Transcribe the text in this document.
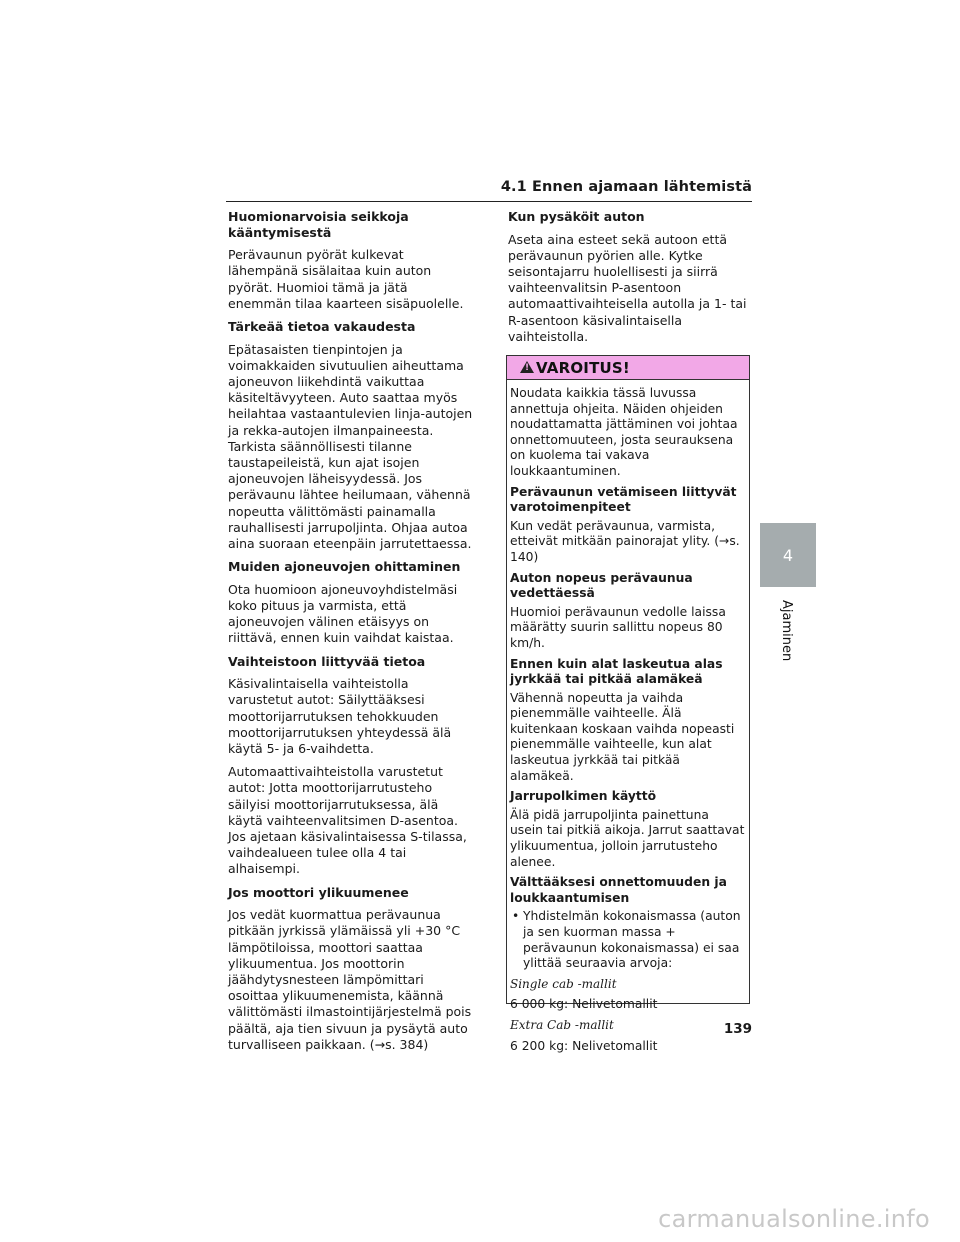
4.1 Ennen ajamaan lähtemistä
Huomionarvoisia seikkoja kääntymisestä

Perävaunun pyörät kulkevat lähempänä sisälaitaa kuin auton pyörät. Huomioi tämä ja jätä enemmän tilaa kaarteen sisäpuolelle.

Tärkeää tietoa vakaudesta

Epätasaisten tienpintojen ja voimakkaiden sivutuulien aiheuttama ajoneuvon liikehdintä vaikuttaa käsiteltävyyteen. Auto saattaa myös heilahtaa vastaantulevien linja-autojen ja rekka-autojen ilmanpaineesta. Tarkista säännöllisesti tilanne taustapeileistä, kun ajat isojen ajoneuvojen läheisyydessä. Jos perävaunu lähtee heilumaan, vähennä nopeutta välittömästi painamalla rauhallisesti jarrupoljinta. Ohjaa autoa aina suoraan eteenpäin jarrutettaessa.

Muiden ajoneuvojen ohittaminen

Ota huomioon ajoneuvoyhdistelmäsi koko pituus ja varmista, että ajoneuvojen välinen etäisyys on riittävä, ennen kuin vaihdat kaistaa.

Vaihteistoon liittyvää tietoa

Käsivalintaisella vaihteistolla varustetut autot: Säilyttääksesi moottorijarrutuksen tehokkuuden moottorijarrutuksen yhteydessä älä käytä 5- ja 6-vaihdetta.

Automaattivaihteistolla varustetut autot: Jotta moottorijarrutusteho säilyisi moottorijarrutuksessa, älä käytä vaihteenvalitsimen D-asentoa. Jos ajetaan käsivalintaisessa S-tilassa, vaihdealueen tulee olla 4 tai alhaisempi.

Jos moottori ylikuumenee

Jos vedät kuormattua perävaunua pitkään jyrkissä ylämäissä yli +30 °C lämpötiloissa, moottori saattaa ylikuumentua. Jos moottorin jäähdytysnesteen lämpömittari osoittaa ylikuumenemista, käännä välittömästi ilmastointijärjestelmä pois päältä, aja tien sivuun ja pysäytä auto turvalliseen paikkaan. (→s. 384)

Kun pysäköit auton

Aseta aina esteet sekä autoon että perävaunun pyörien alle. Kytke seisontajarru huolellisesti ja siirrä vaihteenvalitsin P-asentoon automaattivaihteisella autolla ja 1- tai R-asentoon käsivalintaisella vaihteistolla.

! VAROITUS!

Noudata kaikkia tässä luvussa annettuja ohjeita. Näiden ohjeiden noudattamatta jättäminen voi johtaa onnettomuuteen, josta seurauksena on kuolema tai vakava loukkaantuminen.

Perävaunun vetämiseen liittyvät varotoimenpiteet

Kun vedät perävaunua, varmista, etteivät mitkään painorajat ylity. (→s. 140)

Auton nopeus perävaunua vedettäessä

Huomioi perävaunun vedolle laissa määrätty suurin sallittu nopeus 80 km/h.

Ennen kuin alat laskeutua alas jyrkkää tai pitkää alamäkeä

Vähennä nopeutta ja vaihda pienemmälle vaihteelle. Älä kuitenkaan koskaan vaihda nopeasti pienemmälle vaihteelle, kun alat laskeutua jyrkkää tai pitkää alamäkeä.

Jarrupolkimen käyttö

Älä pidä jarrupoljinta painettuna usein tai pitkiä aikoja. Jarrut saattavat ylikuumentua, jolloin jarrutusteho alenee.

Välttääksesi onnettomuuden ja loukkaantumisen
• Yhdistelmän kokonaismassa (auton ja sen kuorman massa + perävaunun kokonaismassa) ei saa ylittää seuraavia arvoja:
Single cab -mallit

6 000 kg: Nelivetomallit

Extra Cab -mallit

6 200 kg: Nelivetomallit

4
Ajaminen
139
carmanualsonline.info
